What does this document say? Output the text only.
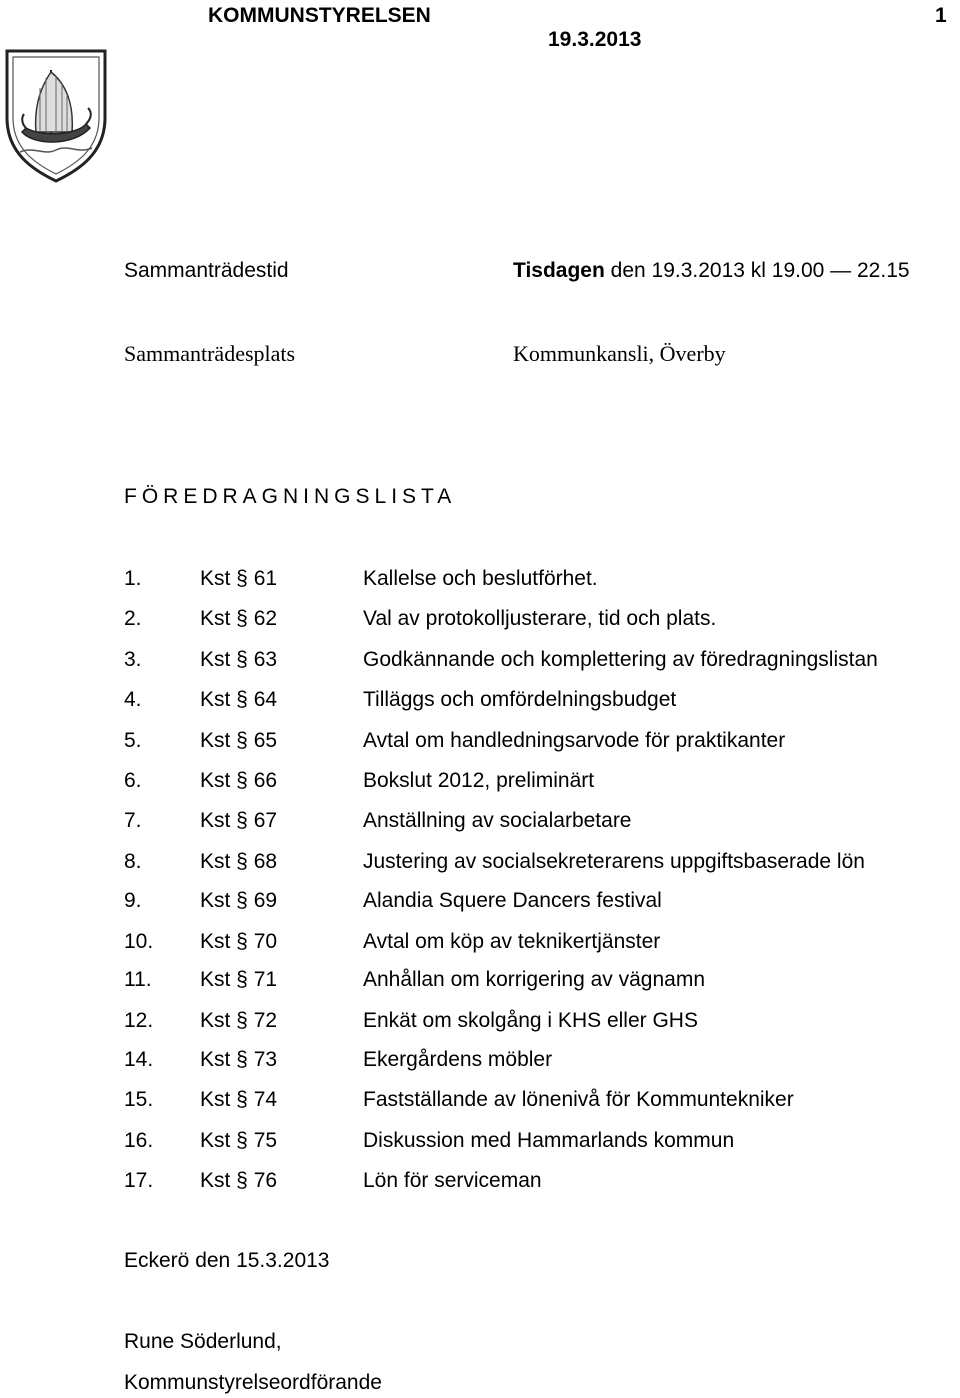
KOMMUNSTYRELSEN
19.3.2013
1
Sammanträdestid	Tisdagen den 19.3.2013 kl 19.00 — 22.15
Sammanträdesplats	Kommunkansli, Överby
FÖREDRAGNINGSLISTA
1.	Kst § 61	Kallelse och beslutförhet.
2.	Kst § 62	Val av protokolljusterare, tid och plats.
3.	Kst § 63	Godkännande och komplettering av föredragningslistan
4.	Kst § 64	Tilläggs och omfördelningsbudget
5.	Kst § 65	Avtal om handledningsarvode för praktikanter
6.	Kst § 66	Bokslut 2012, preliminärt
7.	Kst § 67	Anställning av socialarbetare
8.	Kst § 68	Justering av socialsekreterarens uppgiftsbaserade lön
9.	Kst § 69	Alandia Squere Dancers festival
10. Kst § 70	Avtal om köp av teknikertjänster
11. Kst § 71	Anhållan om korrigering av vägnamn
12. Kst § 72	Enkät om skolgång i KHS eller GHS
14. Kst § 73	Ekergårdens möbler
15. Kst § 74	Fastställande av lönenivå för Kommuntekniker
16. Kst § 75	Diskussion med Hammarlands kommun
17. Kst § 76	Lön för serviceman
Eckerö den 15.3.2013
Rune Söderlund,
Kommunstyrelseordförande
